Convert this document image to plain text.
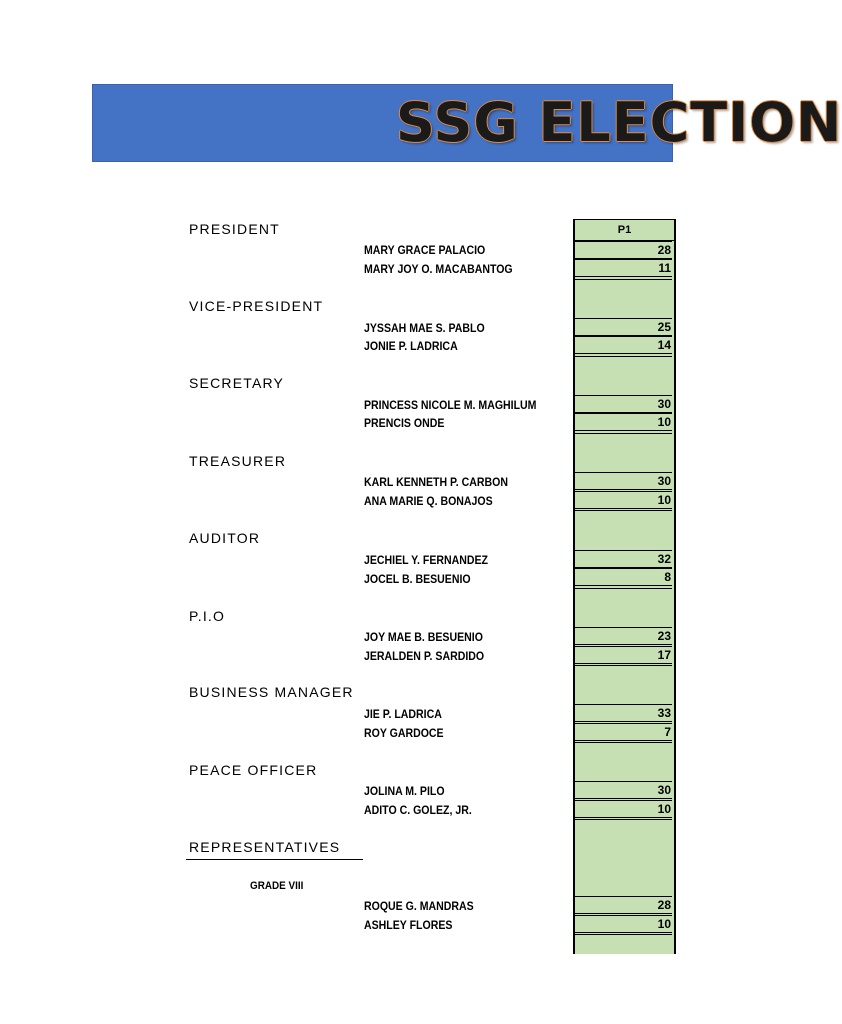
SSG ELECTION
P1
PRESIDENT
MARY GRACE PALACIO
MARY JOY O. MACABANTOG
28
11
VICE-PRESIDENT
JYSSAH MAE S. PABLO
JONIE P. LADRICA
25
14
SECRETARY
PRINCESS NICOLE M. MAGHILUM
PRENCIS ONDE
30
10
TREASURER
KARL KENNETH P. CARBON
ANA MARIE Q. BONAJOS
30
10
AUDITOR
JECHIEL Y. FERNANDEZ
JOCEL B. BESUENIO
32
8
P.I.O
JOY MAE B. BESUENIO
JERALDEN P. SARDIDO
23
17
BUSINESS MANAGER
JIE P. LADRICA
ROY GARDOCE
33
7
PEACE OFFICER
JOLINA M. PILO
ADITO C. GOLEZ, JR.
30
10
REPRESENTATIVES
GRADE VIII
ROQUE G. MANDRAS
ASHLEY FLORES
28
10
